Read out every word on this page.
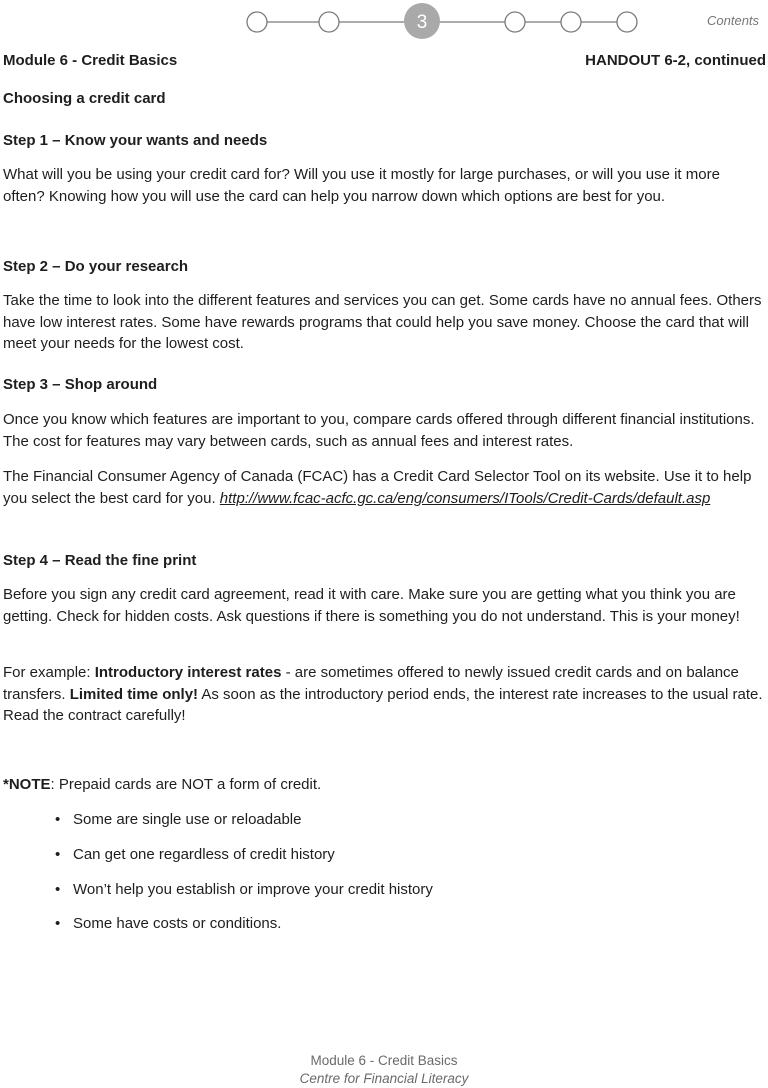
3	Contents
Module 6 - Credit Basics	HANDOUT 6-2, continued
Choosing a credit card
Step 1 – Know your wants and needs

What will you be using your credit card for? Will you use it mostly for large purchases, or will you use it more often? Knowing how you will use the card can help you narrow down which options are best for you.

Step 2 – Do your research

Take the time to look into the different features and services you can get. Some cards have no annual fees. Others have low interest rates. Some have rewards programs that could help you save money. Choose the card that will meet your needs for the lowest cost.

Step 3 – Shop around

Once you know which features are important to you, compare cards offered through different financial institutions. The cost for features may vary between cards, such as annual fees and interest rates.

The Financial Consumer Agency of Canada (FCAC) has a Credit Card Selector Tool on its website. Use it to help you select the best card for you. http://www.fcac-acfc.gc.ca/eng/consumers/ITools/Credit-Cards/default.asp

Step 4 – Read the fine print

Before you sign any credit card agreement, read it with care. Make sure you are getting what you think you are getting. Check for hidden costs. Ask questions if there is something you do not understand. This is your money!

For example: Introductory interest rates - are sometimes offered to newly issued credit cards and on balance transfers. Limited time only! As soon as the introductory period ends, the interest rate increases to the usual rate. Read the contract carefully!

*NOTE: Prepaid cards are NOT a form of credit.

• Some are single use or reloadable
• Can get one regardless of credit history
• Won’t help you establish or improve your credit history
• Some have costs or conditions.
Module 6 - Credit Basics
Centre for Financial Literacy
